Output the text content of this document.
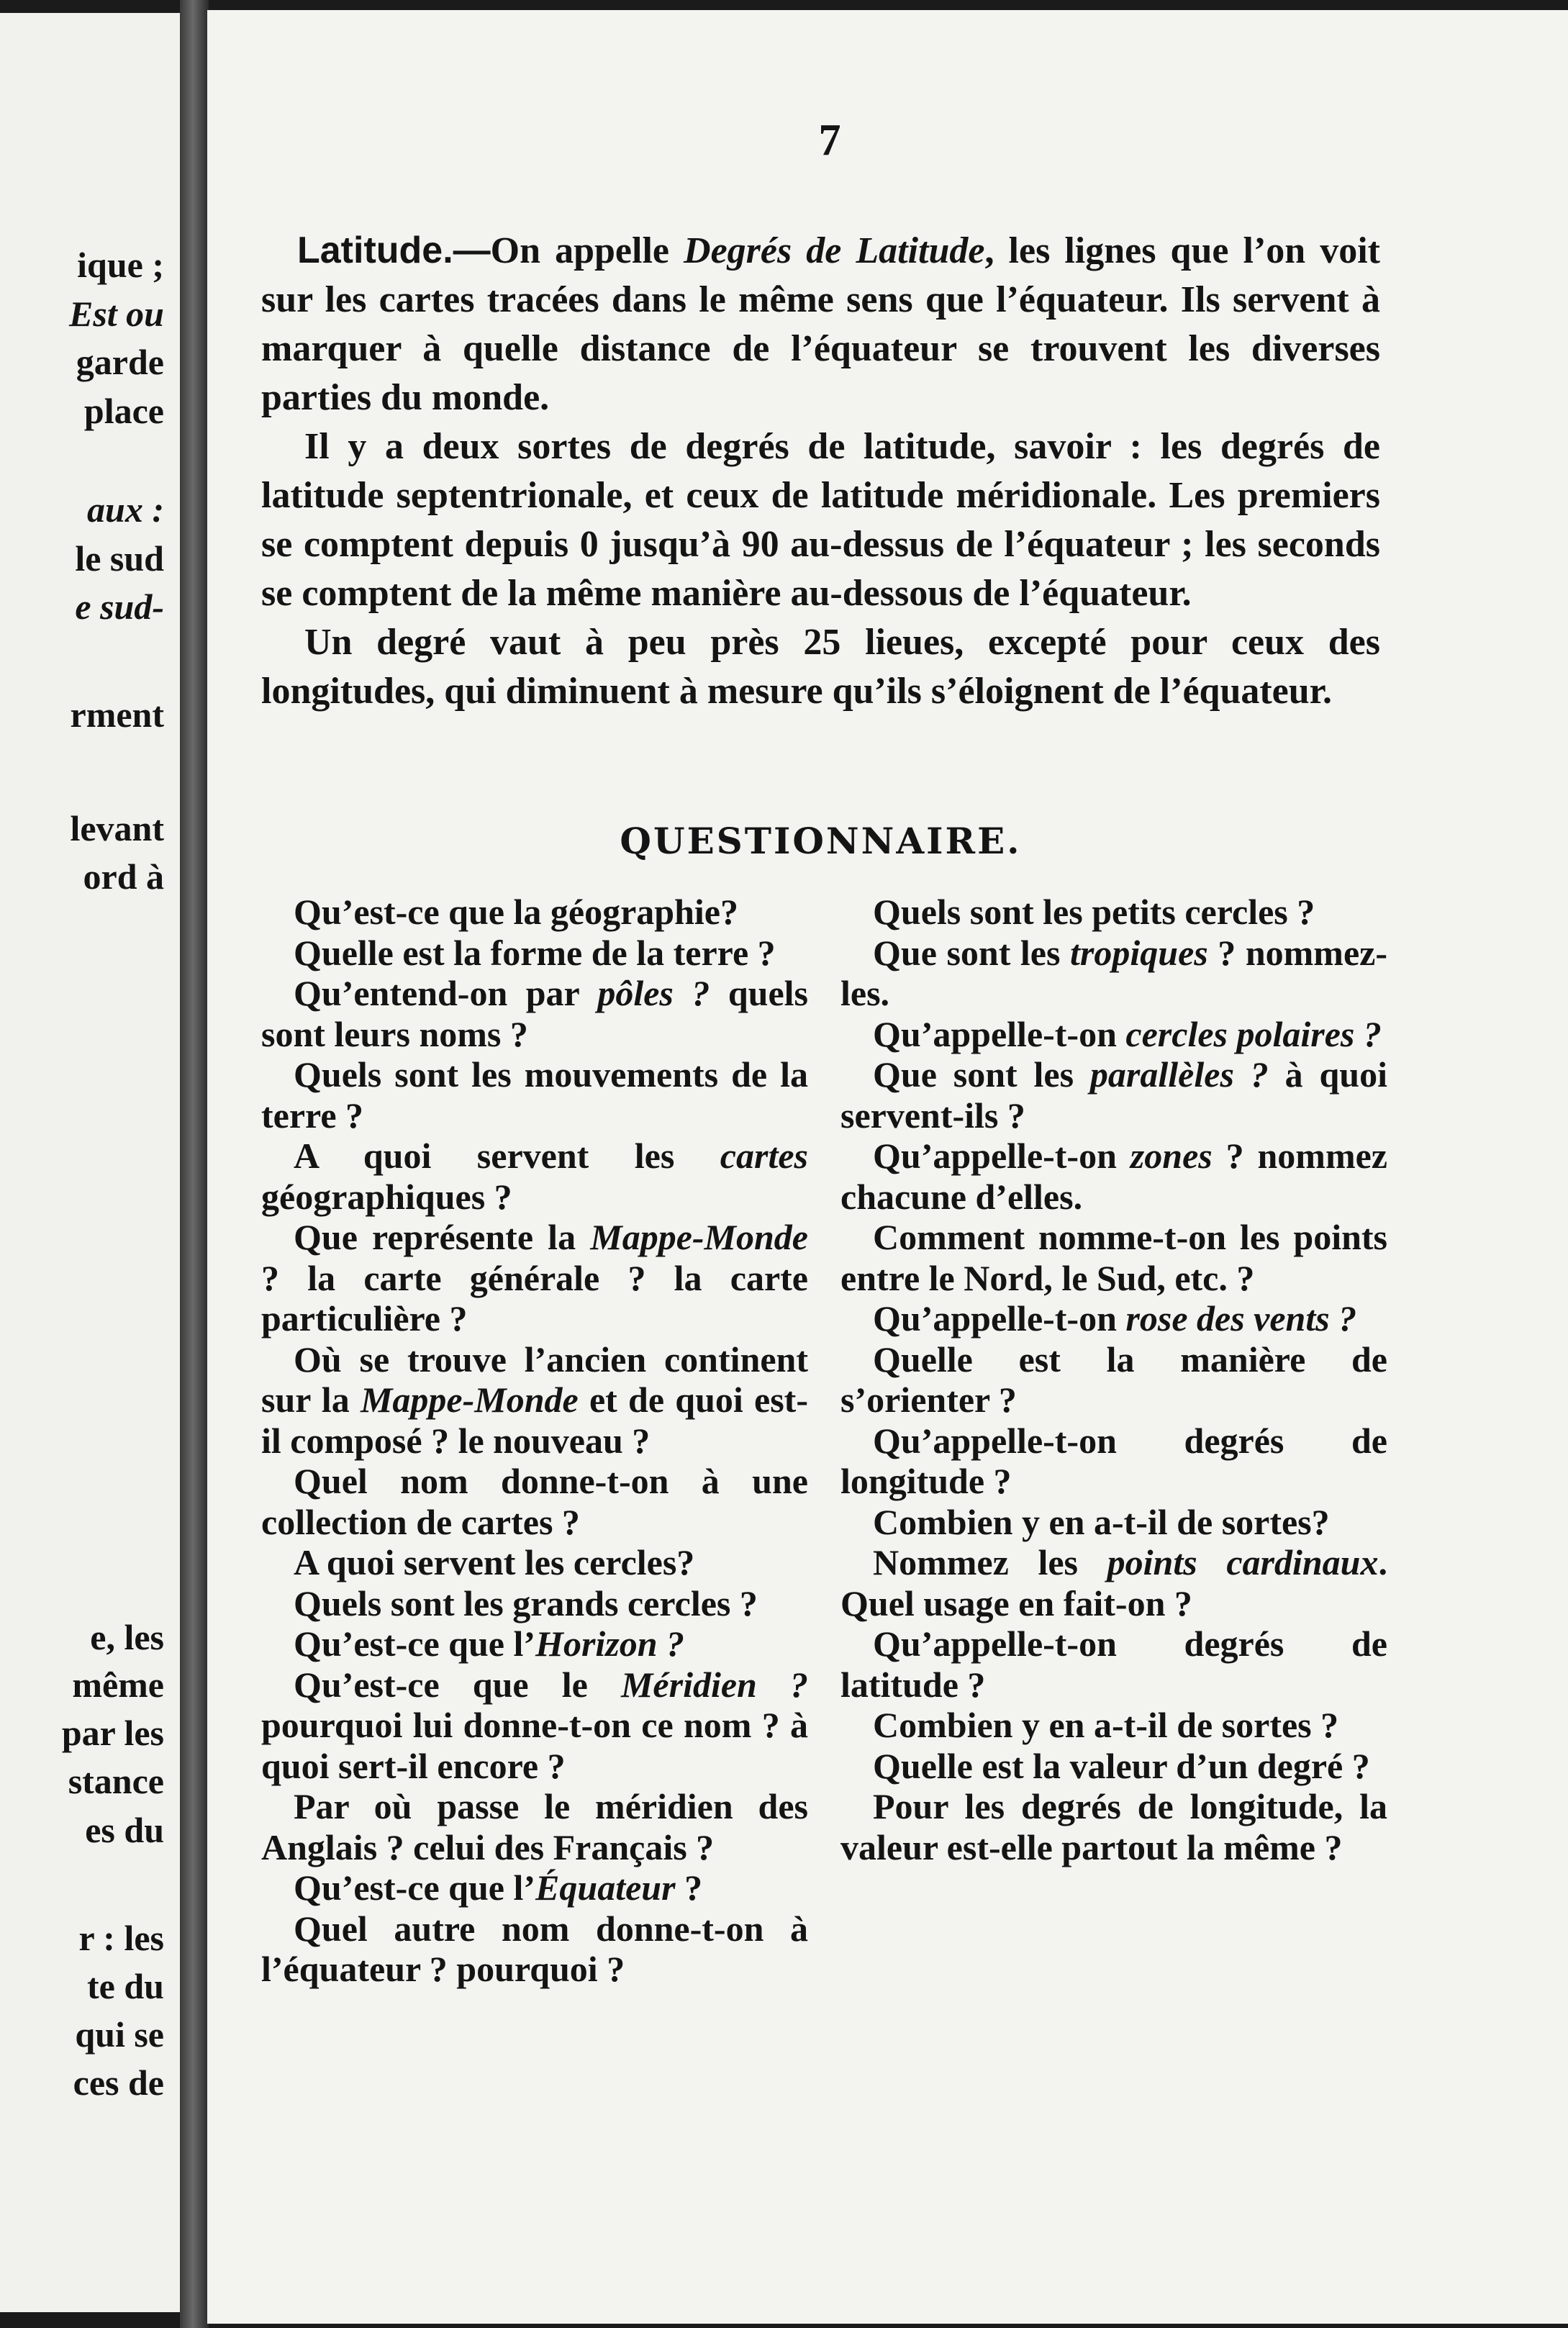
ique ;
Est ou
garde
place
aux :
le sud
e sud-
rment
levant
ord à
e, les
même
par les
stance
es du
r : les
te du
qui se
ces de
7

Latitude.—On appelle Degrés de Latitude, les lignes que l’on voit sur les cartes tracées dans le même sens que l’équateur. Ils servent à marquer à quelle distance de l’équateur se trouvent les diverses parties du monde.

Il y a deux sortes de degrés de latitude, savoir : les degrés de latitude septentrionale, et ceux de latitude méridionale. Les premiers se comptent depuis 0 jusqu’à 90 au-dessus de l’équateur ; les seconds se comptent de la même manière au-dessous de l’équateur.

Un degré vaut à peu près 25 lieues, excepté pour ceux des longitudes, qui diminuent à mesure qu’ils s’éloignent de l’équateur.

QUESTIONNAIRE.

Qu’est-ce que la géographie?

Quelle est la forme de la terre ?

Qu’entend-on par pôles ? quels sont leurs noms ?

Quels sont les mouvements de la terre ?

A quoi servent les cartes géographiques ?

Que représente la Mappe-Monde ? la carte générale ? la carte particulière ?

Où se trouve l’ancien continent sur la Mappe-Monde et de quoi est-il composé ? le nouveau ?

Quel nom donne-t-on à une collection de cartes ?

A quoi servent les cercles?

Quels sont les grands cercles ?

Qu’est-ce que l’Horizon ?

Qu’est-ce que le Méridien ? pourquoi lui donne-t-on ce nom ? à quoi sert-il encore ?

Par où passe le méridien des Anglais ? celui des Français ?

Qu’est-ce que l’Équateur ?

Quel autre nom donne-t-on à l’équateur ? pourquoi ?

Quels sont les petits cercles ?

Que sont les tropiques ? nommez-les.

Qu’appelle-t-on cercles polaires ?

Que sont les parallèles ? à quoi servent-ils ?

Qu’appelle-t-on zones ? nommez chacune d’elles.

Comment nomme-t-on les points entre le Nord, le Sud, etc. ?

Qu’appelle-t-on rose des vents ?

Quelle est la manière de s’orienter ?

Qu’appelle-t-on degrés de longitude ?

Combien y en a-t-il de sortes?

Nommez les points cardinaux. Quel usage en fait-on ?

Qu’appelle-t-on degrés de latitude ?

Combien y en a-t-il de sortes ?

Quelle est la valeur d’un degré ?

Pour les degrés de longitude, la valeur est-elle partout la même ?
